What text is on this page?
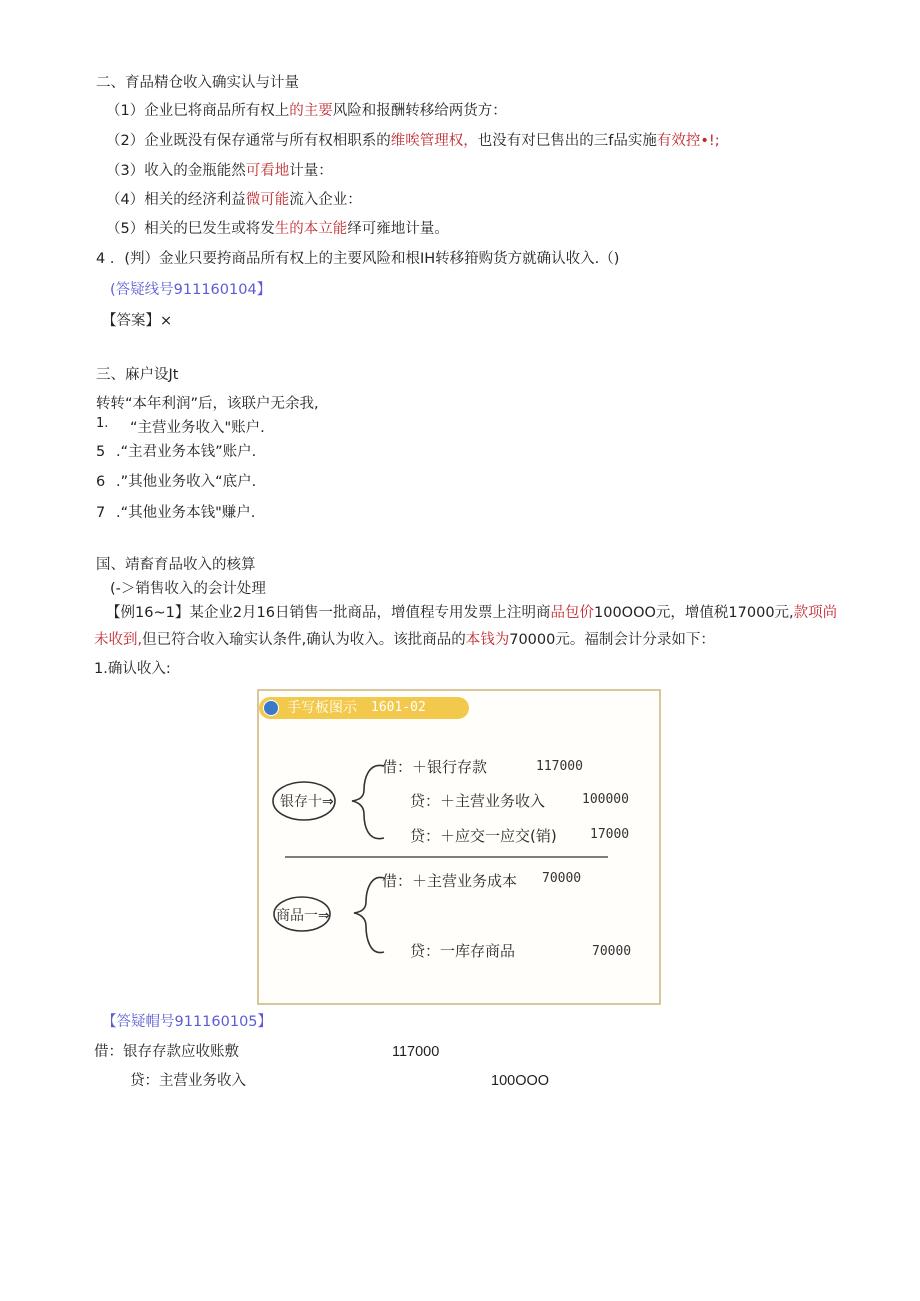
二、育品精仓收入确实认与计量
（1）企业巳将商品所有权上的主要风险和报酬转移给两货方：
（2）企业既没有保存通常与所有权相职系的维唉管理权，也没有对巳售出的三f品实施有效控•!;
（3）收入的金瓶能然可看地计量：
（4）相关的经济利益微可能流入企业：
（5）相关的巳发生或将发生的本立能绎可雍地计量。
4 ．(判）金业只要挎商品所有权上的主要风险和根IH转移箝购货方就确认收入.（)
(答疑线号911160104】
【答案】×
三、麻户设Jt
转转“本年利润”后，该联户无余我,
1. “主营业务收入"账户.
5 .“主君业务本钱”账户.
6 .”其他业务收入“底户.
7 .“其他业务本钱"赚户.
国、靖畜育品收入的核算
(-＞销售收入的会计处理
【例16~1】某企业2月16日销售一批商品，增值程专用发票上注明商品包价100OOO元，增值税17000元,款项尚
未收到,但已符合收入瑜实认条件,确认为收入。该批商品的本钱为70000元。福制会计分录如下：
1.确认收入:
手写板图示 1601-02
银存十⇒
借：＋银行存款	117000
贷：＋主营业务收入	100000
贷：＋应交一应交(销)	17000
商品一⇒
借：＋主营业务成本 70000
贷：一库存商品	70000
【答疑帽号911160105】
借：银存存款应收账敷	117000
贷：主营业务收入	100OOO
